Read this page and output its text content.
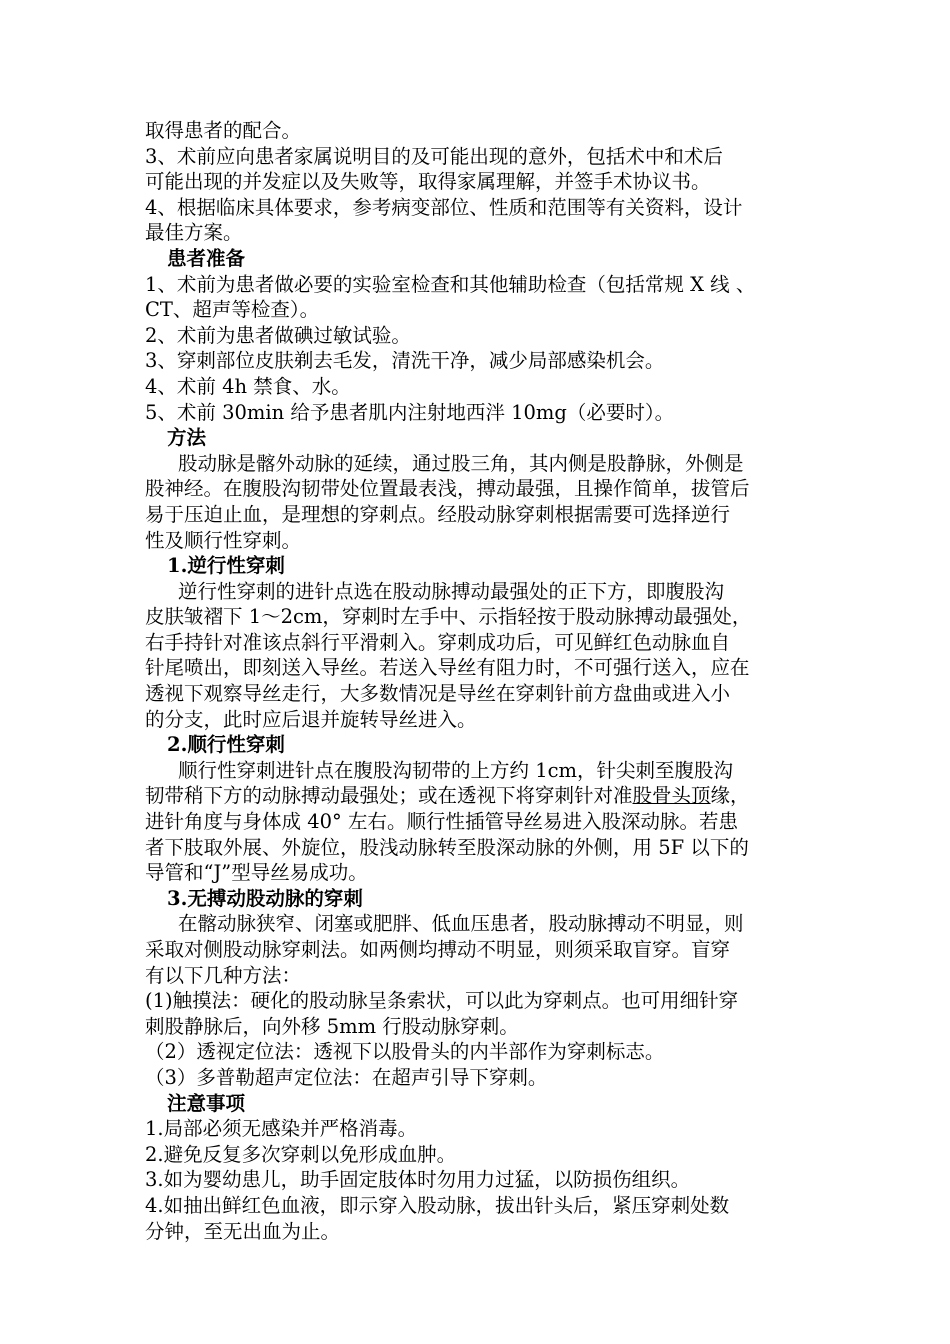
取得患者的配合。
3、术前应向患者家属说明目的及可能出现的意外，包括术中和术后
可能出现的并发症以及失败等，取得家属理解，并签手术协议书。
4、根据临床具体要求，参考病变部位、性质和范围等有关资料，设计
最佳方案。
患者准备
1、术前为患者做必要的实验室检查和其他辅助检查（包括常规 X 线 、
CT、超声等检查）。
2、术前为患者做碘过敏试验。
3、穿刺部位皮肤剃去毛发，清洗干净，减少局部感染机会。
4、术前 4h 禁食、水。
5、术前 30min 给予患者肌内注射地西泮 10mg（必要时）。
方法
股动脉是髂外动脉的延续，通过股三角，其内侧是股静脉，外侧是
股神经。在腹股沟韧带处位置最表浅，搏动最强，且操作简单，拔管后
易于压迫止血，是理想的穿刺点。经股动脉穿刺根据需要可选择逆行
性及顺行性穿刺。
1.逆行性穿刺
逆行性穿刺的进针点选在股动脉搏动最强处的正下方，即腹股沟
皮肤皱褶下 1～2cm，穿刺时左手中、示指轻按于股动脉搏动最强处，
右手持针对准该点斜行平滑刺入。穿刺成功后，可见鲜红色动脉血自
针尾喷出，即刻送入导丝。若送入导丝有阻力时，不可强行送入，应在
透视下观察导丝走行，大多数情况是导丝在穿刺针前方盘曲或进入小
的分支，此时应后退并旋转导丝进入。
2.顺行性穿刺
顺行性穿刺进针点在腹股沟韧带的上方约 1cm，针尖刺至腹股沟
韧带稍下方的动脉搏动最强处；或在透视下将穿刺针对准股骨头顶缘，
进针角度与身体成 40° 左右。顺行性插管导丝易进入股深动脉。若患
者下肢取外展、外旋位，股浅动脉转至股深动脉的外侧，用 5F 以下的
导管和“J”型导丝易成功。
3.无搏动股动脉的穿刺
在髂动脉狭窄、闭塞或肥胖、低血压患者，股动脉搏动不明显，则
采取对侧股动脉穿刺法。如两侧均搏动不明显，则须采取盲穿。盲穿
有以下几种方法：
(1)触摸法：硬化的股动脉呈条索状，可以此为穿刺点。也可用细针穿
刺股静脉后，向外移 5mm 行股动脉穿刺。
（2）透视定位法：透视下以股骨头的内半部作为穿刺标志。
（3）多普勒超声定位法：在超声引导下穿刺。
注意事项
1.局部必须无感染并严格消毒。
2.避免反复多次穿刺以免形成血肿。
3.如为婴幼患儿，助手固定肢体时勿用力过猛，以防损伤组织。
4.如抽出鲜红色血液，即示穿入股动脉，拔出针头后，紧压穿刺处数
分钟，至无出血为止。
